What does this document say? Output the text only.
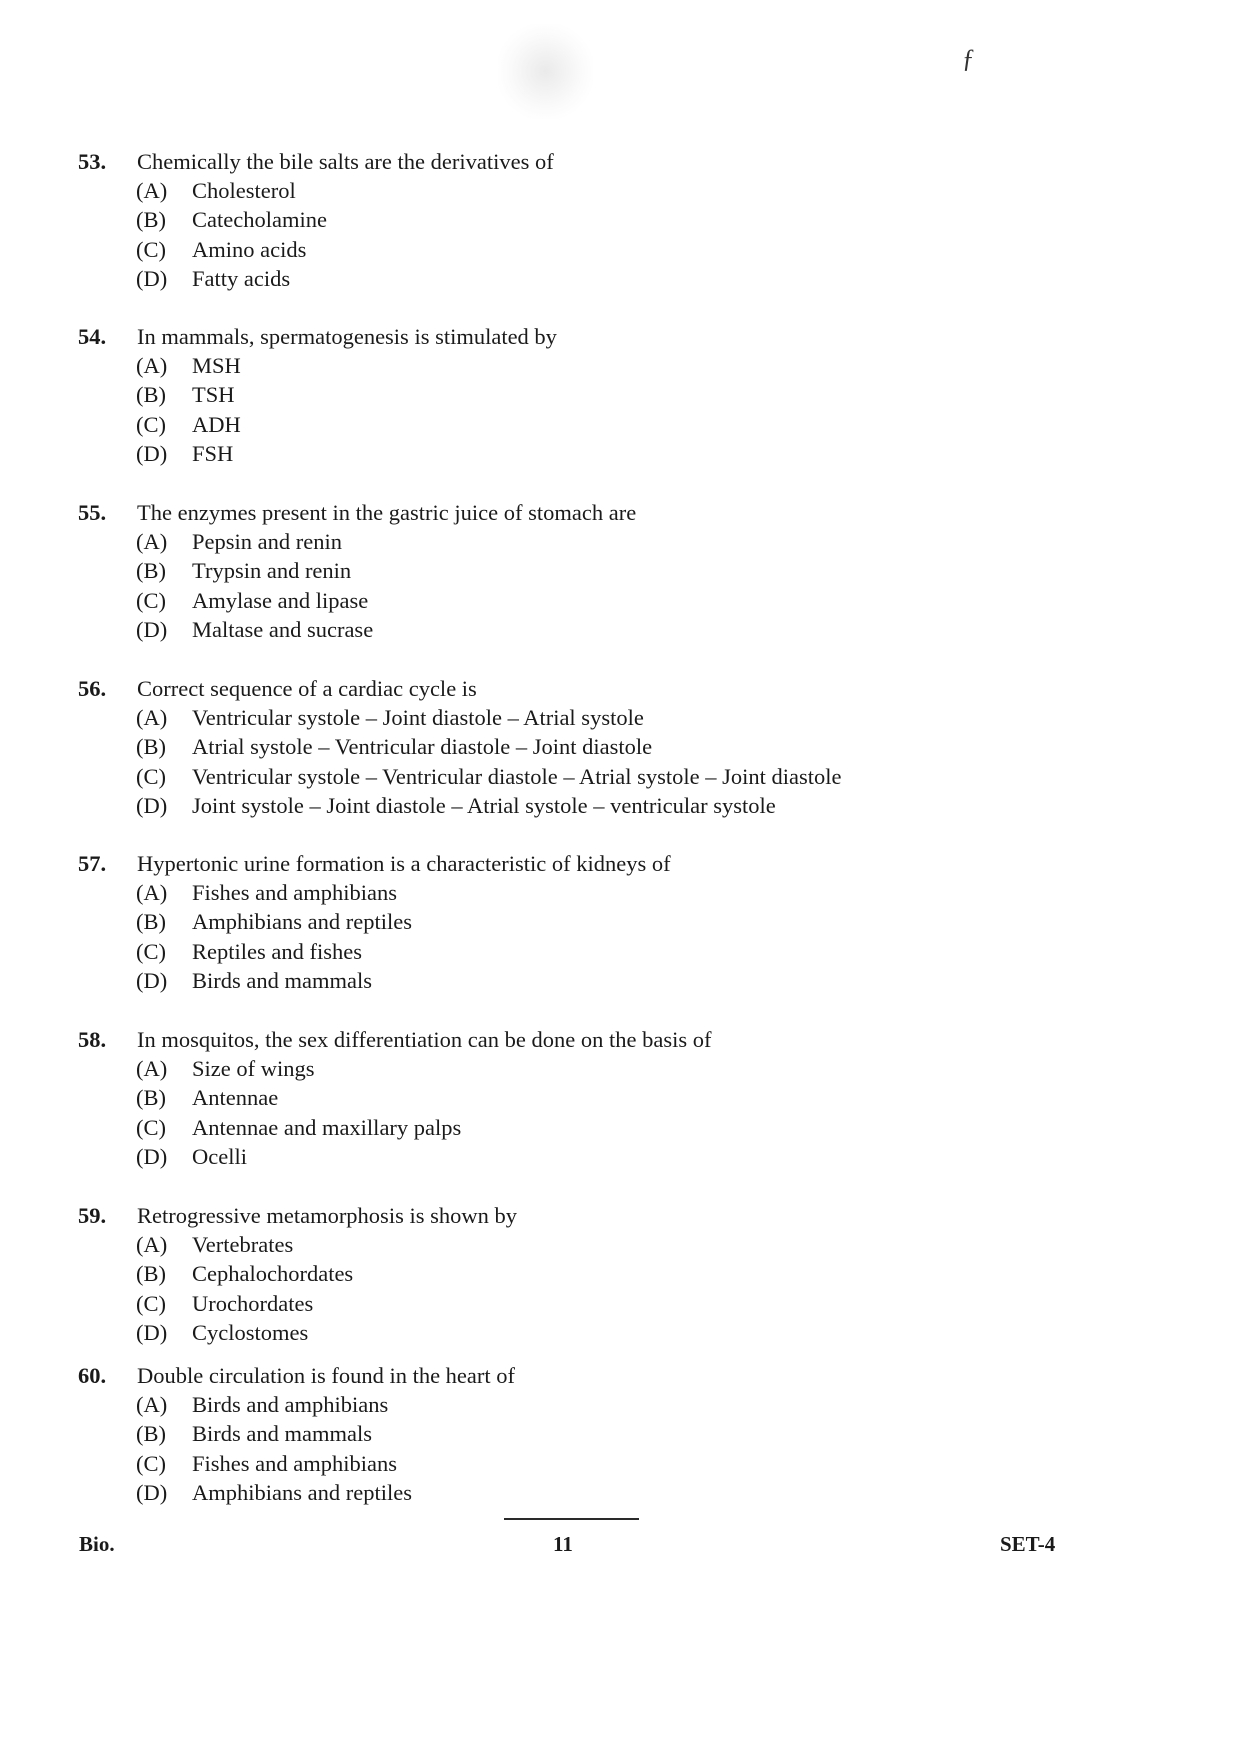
ƒ
53.	Chemically the bile salts are the derivatives of
(A)	Cholesterol
(B)	Catecholamine
(C)	Amino acids
(D)	Fatty acids
54.	In mammals, spermatogenesis is stimulated by
(A)	MSH
(B)	TSH
(C)	ADH
(D)	FSH
55.	The enzymes present in the gastric juice of stomach are
(A)	Pepsin and renin
(B)	Trypsin and renin
(C)	Amylase and lipase
(D)	Maltase and sucrase
56.	Correct sequence of a cardiac cycle is
(A)	Ventricular systole – Joint diastole – Atrial systole
(B)	Atrial systole – Ventricular diastole – Joint diastole
(C)	Ventricular systole – Ventricular diastole – Atrial systole – Joint diastole
(D)	Joint systole – Joint diastole – Atrial systole – ventricular systole
57.	Hypertonic urine formation is a characteristic of kidneys of
(A)	Fishes and amphibians
(B)	Amphibians and reptiles
(C)	Reptiles and fishes
(D)	Birds and mammals
58.	In mosquitos, the sex differentiation can be done on the basis of
(A)	Size of wings
(B)	Antennae
(C)	Antennae and maxillary palps
(D)	Ocelli
59.	Retrogressive metamorphosis is shown by
(A)	Vertebrates
(B)	Cephalochordates
(C)	Urochordates
(D)	Cyclostomes
60.	Double circulation is found in the heart of
(A)	Birds and amphibians
(B)	Birds and mammals
(C)	Fishes and amphibians
(D)	Amphibians and reptiles
Bio.	11	SET-4
